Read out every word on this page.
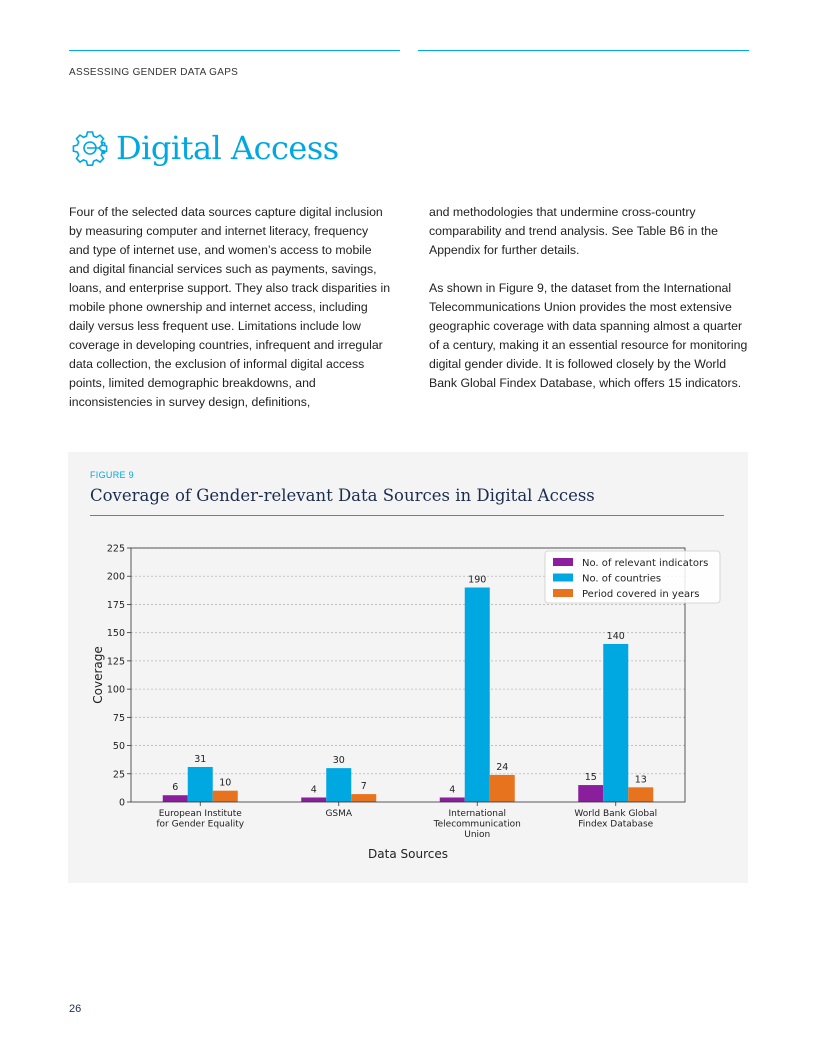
ASSESSING GENDER DATA GAPS
Digital Access

Four of the selected data sources capture digital inclusion by measuring computer and internet literacy, frequency and type of internet use, and women’s access to mobile and digital financial services such as payments, savings, loans, and enterprise support. They also track disparities in mobile phone ownership and internet access, including daily versus less frequent use. Limitations include low coverage in developing countries, infrequent and irregular data collection, the exclusion of informal digital access points, limited demographic breakdowns, and inconsistencies in survey design, definitions,

and methodologies that undermine cross-country comparability and trend analysis. See Table B6 in the Appendix for further details.

As shown in Figure 9, the dataset from the International Telecommunications Union provides the most extensive geographic coverage with data spanning almost a quarter of a century, making it an essential resource for monitoring digital gender divide. It is followed closely by the World Bank Global Findex Database, which offers 15 indicators.

FIGURE 9
Coverage of Gender-relevant Data Sources in Digital Access
0
25
50
75
100
125
150
175
200
225
6
31
10
European Institute for Gender Equality
4
30
7
GSMA
4
190
24
International Telecommunication Union
15
140
13
World Bank Global Findex Database
Data Sources
Coverage
No. of relevant indicators
No. of countries
Period covered in years
26
